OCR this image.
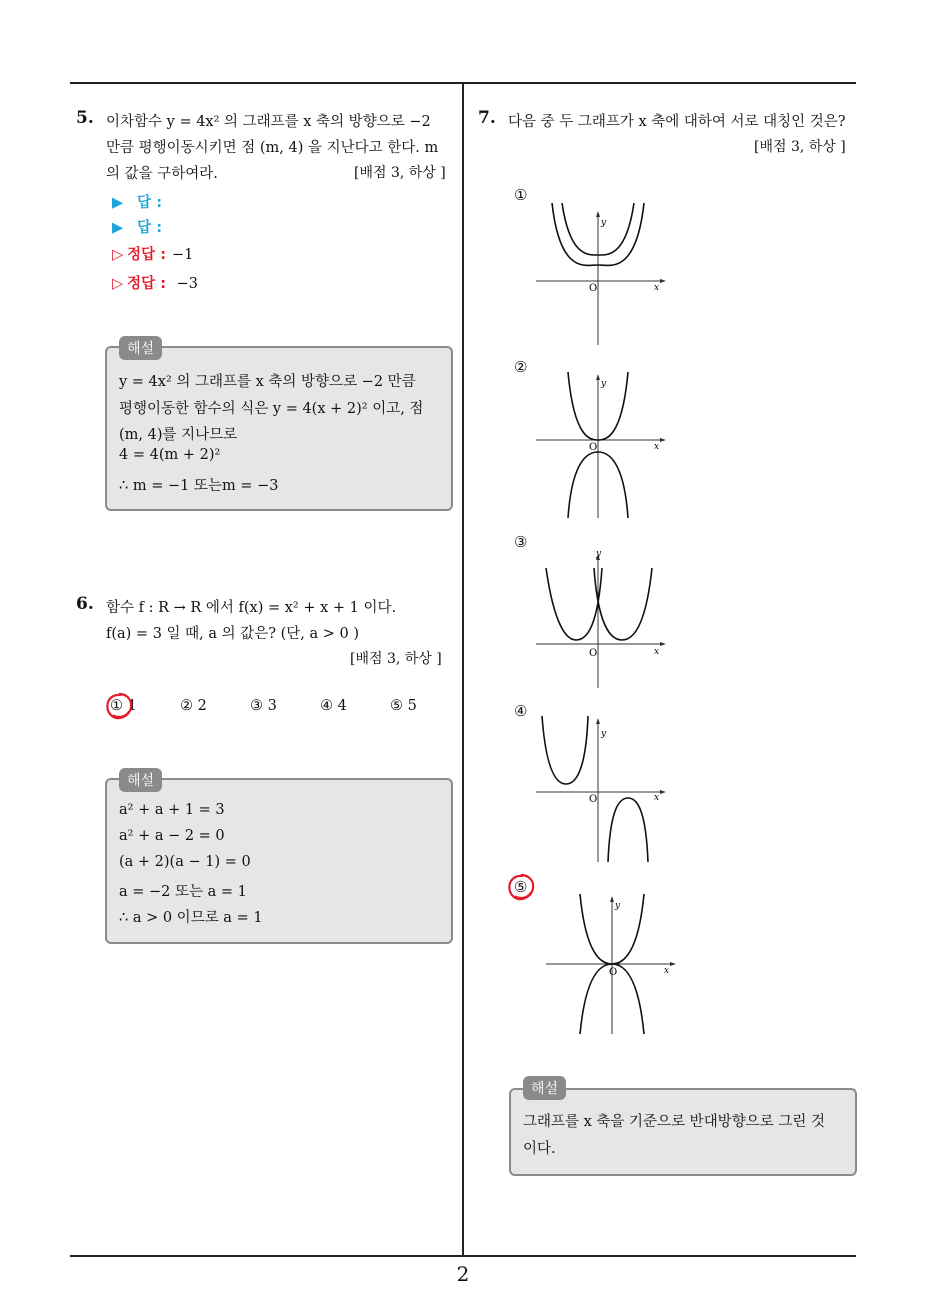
5. 이차함수 y = 4x² 의 그래프를 x 축의 방향으로 −2
만큼 평행이동시키면 점 (m, 4) 을 지난다고 한다. m
의 값을 구하여라.	[배점 3, 하상 ]
▶ 답 :
▶ 답 :
▷ 정답 : −1
▷ 정답 : −3
y = 4x² 의 그래프를 x 축의 방향으로 −2 만큼
평행이동한 함수의 식은 y = 4(x + 2)² 이고, 점
(m, 4)를 지나므로
4 = 4(m + 2)²
∴ m = −1 또는m = −3
해설
6. 함수 f : R → R 에서 f(x) = x² + x + 1 이다.
f(a) = 3 일 때, a 의 값은? (단, a > 0 )
[배점 3, 하상 ]
① 1	② 2	③ 3	④ 4	⑤ 5
a² + a + 1 = 3
a² + a − 2 = 0
(a + 2)(a − 1) = 0
a = −2 또는 a = 1
∴ a > 0 이므로 a = 1
해설
7. 다음 중 두 그래프가 x 축에 대하여 서로 대칭인 것은?
[배점 3, 하상 ]
①
O	x
y
②
O	x
y
③
O	x
y
④
O	x
y
⑤
O	x
y
그래프를 x 축을 기준으로 반대방향으로 그린 것
이다.
해설
2
